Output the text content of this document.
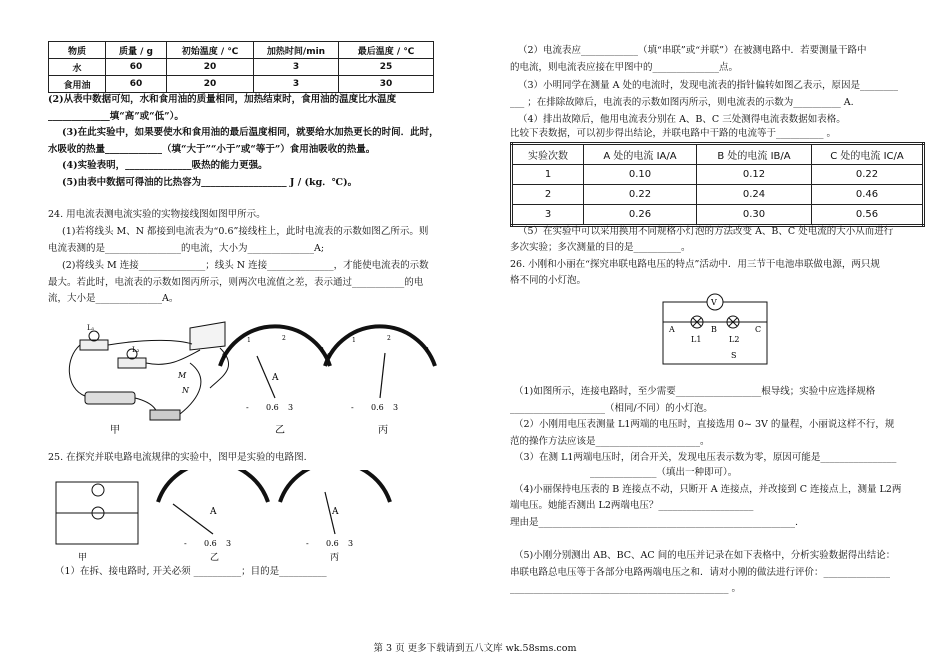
物质	质量 / g	初始温度 / ℃	加热时间/min	最后温度 / ℃
水	60	20	3	25
食用油	60	20	3	30
(2)从表中数据可知，水和食用油的质量相同，加热结束时，食用油的温度比水温度
_____________填“高”或“低”）。
(3)在此实验中，如果要使水和食用油的最后温度相同，就要给水加热更长的时间．此时，
水吸收的热量____________（填“大于”“小于”或“等于”）食用油吸收的热量。
(4)实验表明，______________吸热的能力更强。
(5)由表中数据可得油的比热容为__________________ J / (kg．℃)。
24. 用电流表测电流实验的实物接线图如图甲所示。
(1)若将线头 M、N 都接到电流表为“0.6”接线柱上，此时电流表的示数如图乙所示。则
电流表测的是________________的电流，大小为______________A;
(2)将线头 M 连接______________；线头 N 连接______________，才能使电流表的示数
最大。若此时，电流表的示数如图丙所示，则两次电流值之差，表示通过___________的电
流，大小是______________A。
甲
M
N
L₁
L₂
0
1	2
3
A
- 0.6 3
乙
0
1	2
3
- 0.6 3
丙
25. 在探究并联电路电流规律的实验中，图甲是实验的电路图.
甲
A
- 0.6 3
乙
A
- 0.6 3
丙
（1）在拆、接电路时, 开关必须 __________；目的是__________
（2）电流表应____________（填“串联”或“并联”）在被测电路中．若要测量干路中
的电流，则电流表应接在甲图中的______________点。
（3）小明同学在测量 A 处的电流时，发现电流表的指针偏转如图乙表示，原因是________
___ ；在排除故障后，电流表的示数如图丙所示，则电流表的示数为__________ A.
（4）排出故障后，他用电流表分别在 A、B、C 三处测得电流表数据如表格。
比较下表数据，可以初步得出结论，并联电路中干路的电流等于__________ 。
实验次数	A 处的电流 IA/A	B 处的电流 IB/A	C 处的电流 IC/A
1	0.10	0.12	0.22
2	0.22	0.24	0.46
3	0.26	0.30	0.56
（5）在实验中可以采用换用不同规格小灯泡的方法改变 A、B、C 处电流的大小从而进行
多次实验；多次测量的目的是__________。
26. 小刚和小丽在“探究串联电路电压的特点”活动中．用三节干电池串联做电源，两只规
格不同的小灯泡。
V
A	B	C
L1	L2
S
（1)如图所示，连接电路时，至少需要__________________根导线；实验中应选择规格
____________________（相同/不同）的小灯泡。
（2）小刚用电压表测量 L1两端的电压时，直接选用 0~ 3V 的量程，小丽说这样不行，规
范的操作方法应该是______________________。
（3）在测 L1两端电压时，闭合开关，发现电压表示数为零，原因可能是________________
______________（填出一种即可）。
（4)小丽保持电压表的 B 连接点不动，只断开 A 连接点，并改接到 C 连接点上，测量 L2两
端电压。她能否测出 L2两端电压？____________________
理由是______________________________________________________.
（5)小刚分别测出 AB、BC、AC 间的电压并记录在如下表格中，分析实验数据得出结论：
串联电路总电压等于各部分电路两端电压之和．请对小刚的做法进行评价：______________
______________________________________________ 。
第 3 页 更多下载请到五八文库 wk.58sms.com
